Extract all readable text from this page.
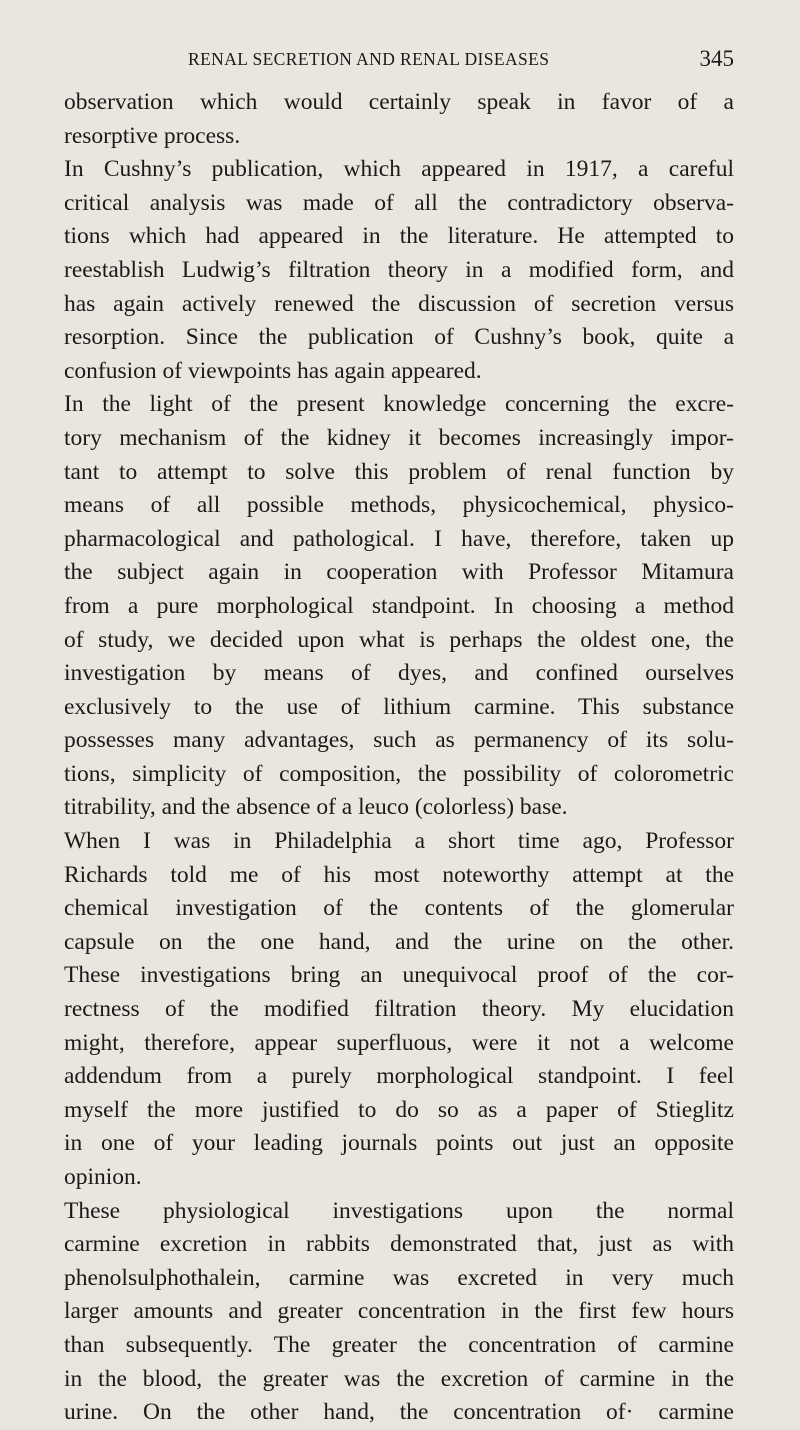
RENAL SECRETION AND RENAL DISEASES	345
observation which would certainly speak in favor of a
resorptive process.
In Cushny’s publication, which appeared in 1917, a careful
critical analysis was made of all the contradictory observa-
tions which had appeared in the literature. He attempted to
reestablish Ludwig’s filtration theory in a modified form, and
has again actively renewed the discussion of secretion versus
resorption. Since the publication of Cushny’s book, quite a
confusion of viewpoints has again appeared.
In the light of the present knowledge concerning the excre-
tory mechanism of the kidney it becomes increasingly impor-
tant to attempt to solve this problem of renal function by
means of all possible methods, physicochemical, physico-
pharmacological and pathological. I have, therefore, taken up
the subject again in cooperation with Professor Mitamura
from a pure morphological standpoint. In choosing a method
of study, we decided upon what is perhaps the oldest one, the
investigation by means of dyes, and confined ourselves
exclusively to the use of lithium carmine. This substance
possesses many advantages, such as permanency of its solu-
tions, simplicity of composition, the possibility of colorometric
titrability, and the absence of a leuco (colorless) base.
When I was in Philadelphia a short time ago, Professor
Richards told me of his most noteworthy attempt at the
chemical investigation of the contents of the glomerular
capsule on the one hand, and the urine on the other.
These investigations bring an unequivocal proof of the cor-
rectness of the modified filtration theory. My elucidation
might, therefore, appear superfluous, were it not a welcome
addendum from a purely morphological standpoint. I feel
myself the more justified to do so as a paper of Stieglitz
in one of your leading journals points out just an opposite
opinion.
These physiological investigations upon the normal
carmine excretion in rabbits demonstrated that, just as with
phenolsulphothalein, carmine was excreted in very much
larger amounts and greater concentration in the first few hours
than subsequently. The greater the concentration of carmine
in the blood, the greater was the excretion of carmine in the
urine. On the other hand, the concentration of· carmine
